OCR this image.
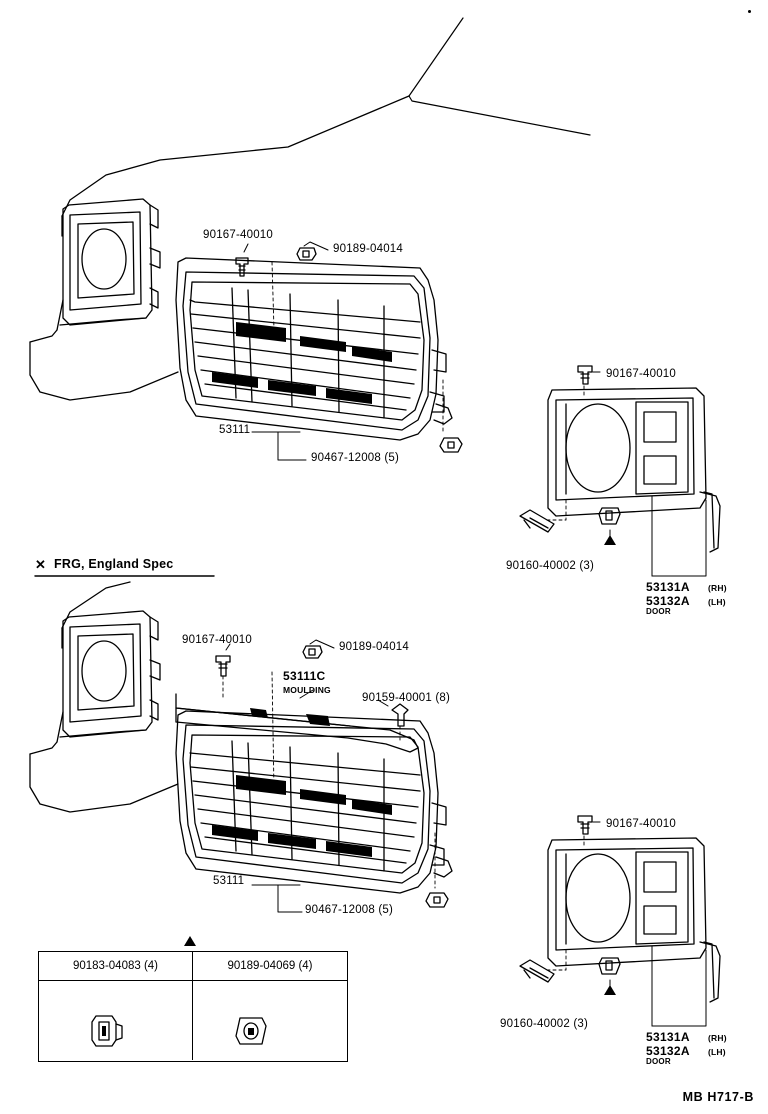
90167-40010
90189-04014
53111
90467-12008 (5)
90167-40010
90160-40002 (3)
53131A (RH)
53132A (LH)
DOOR
✕ FRG, England Spec
90167-40010
90189-04014
53111C
MOULDING
90159-40001 (8)
53111
90467-12008 (5)
90167-40010
90160-40002 (3)
53131A (RH)
53132A (LH)
DOOR
90183-04083 (4)	90189-04069 (4)
MB H717-B
